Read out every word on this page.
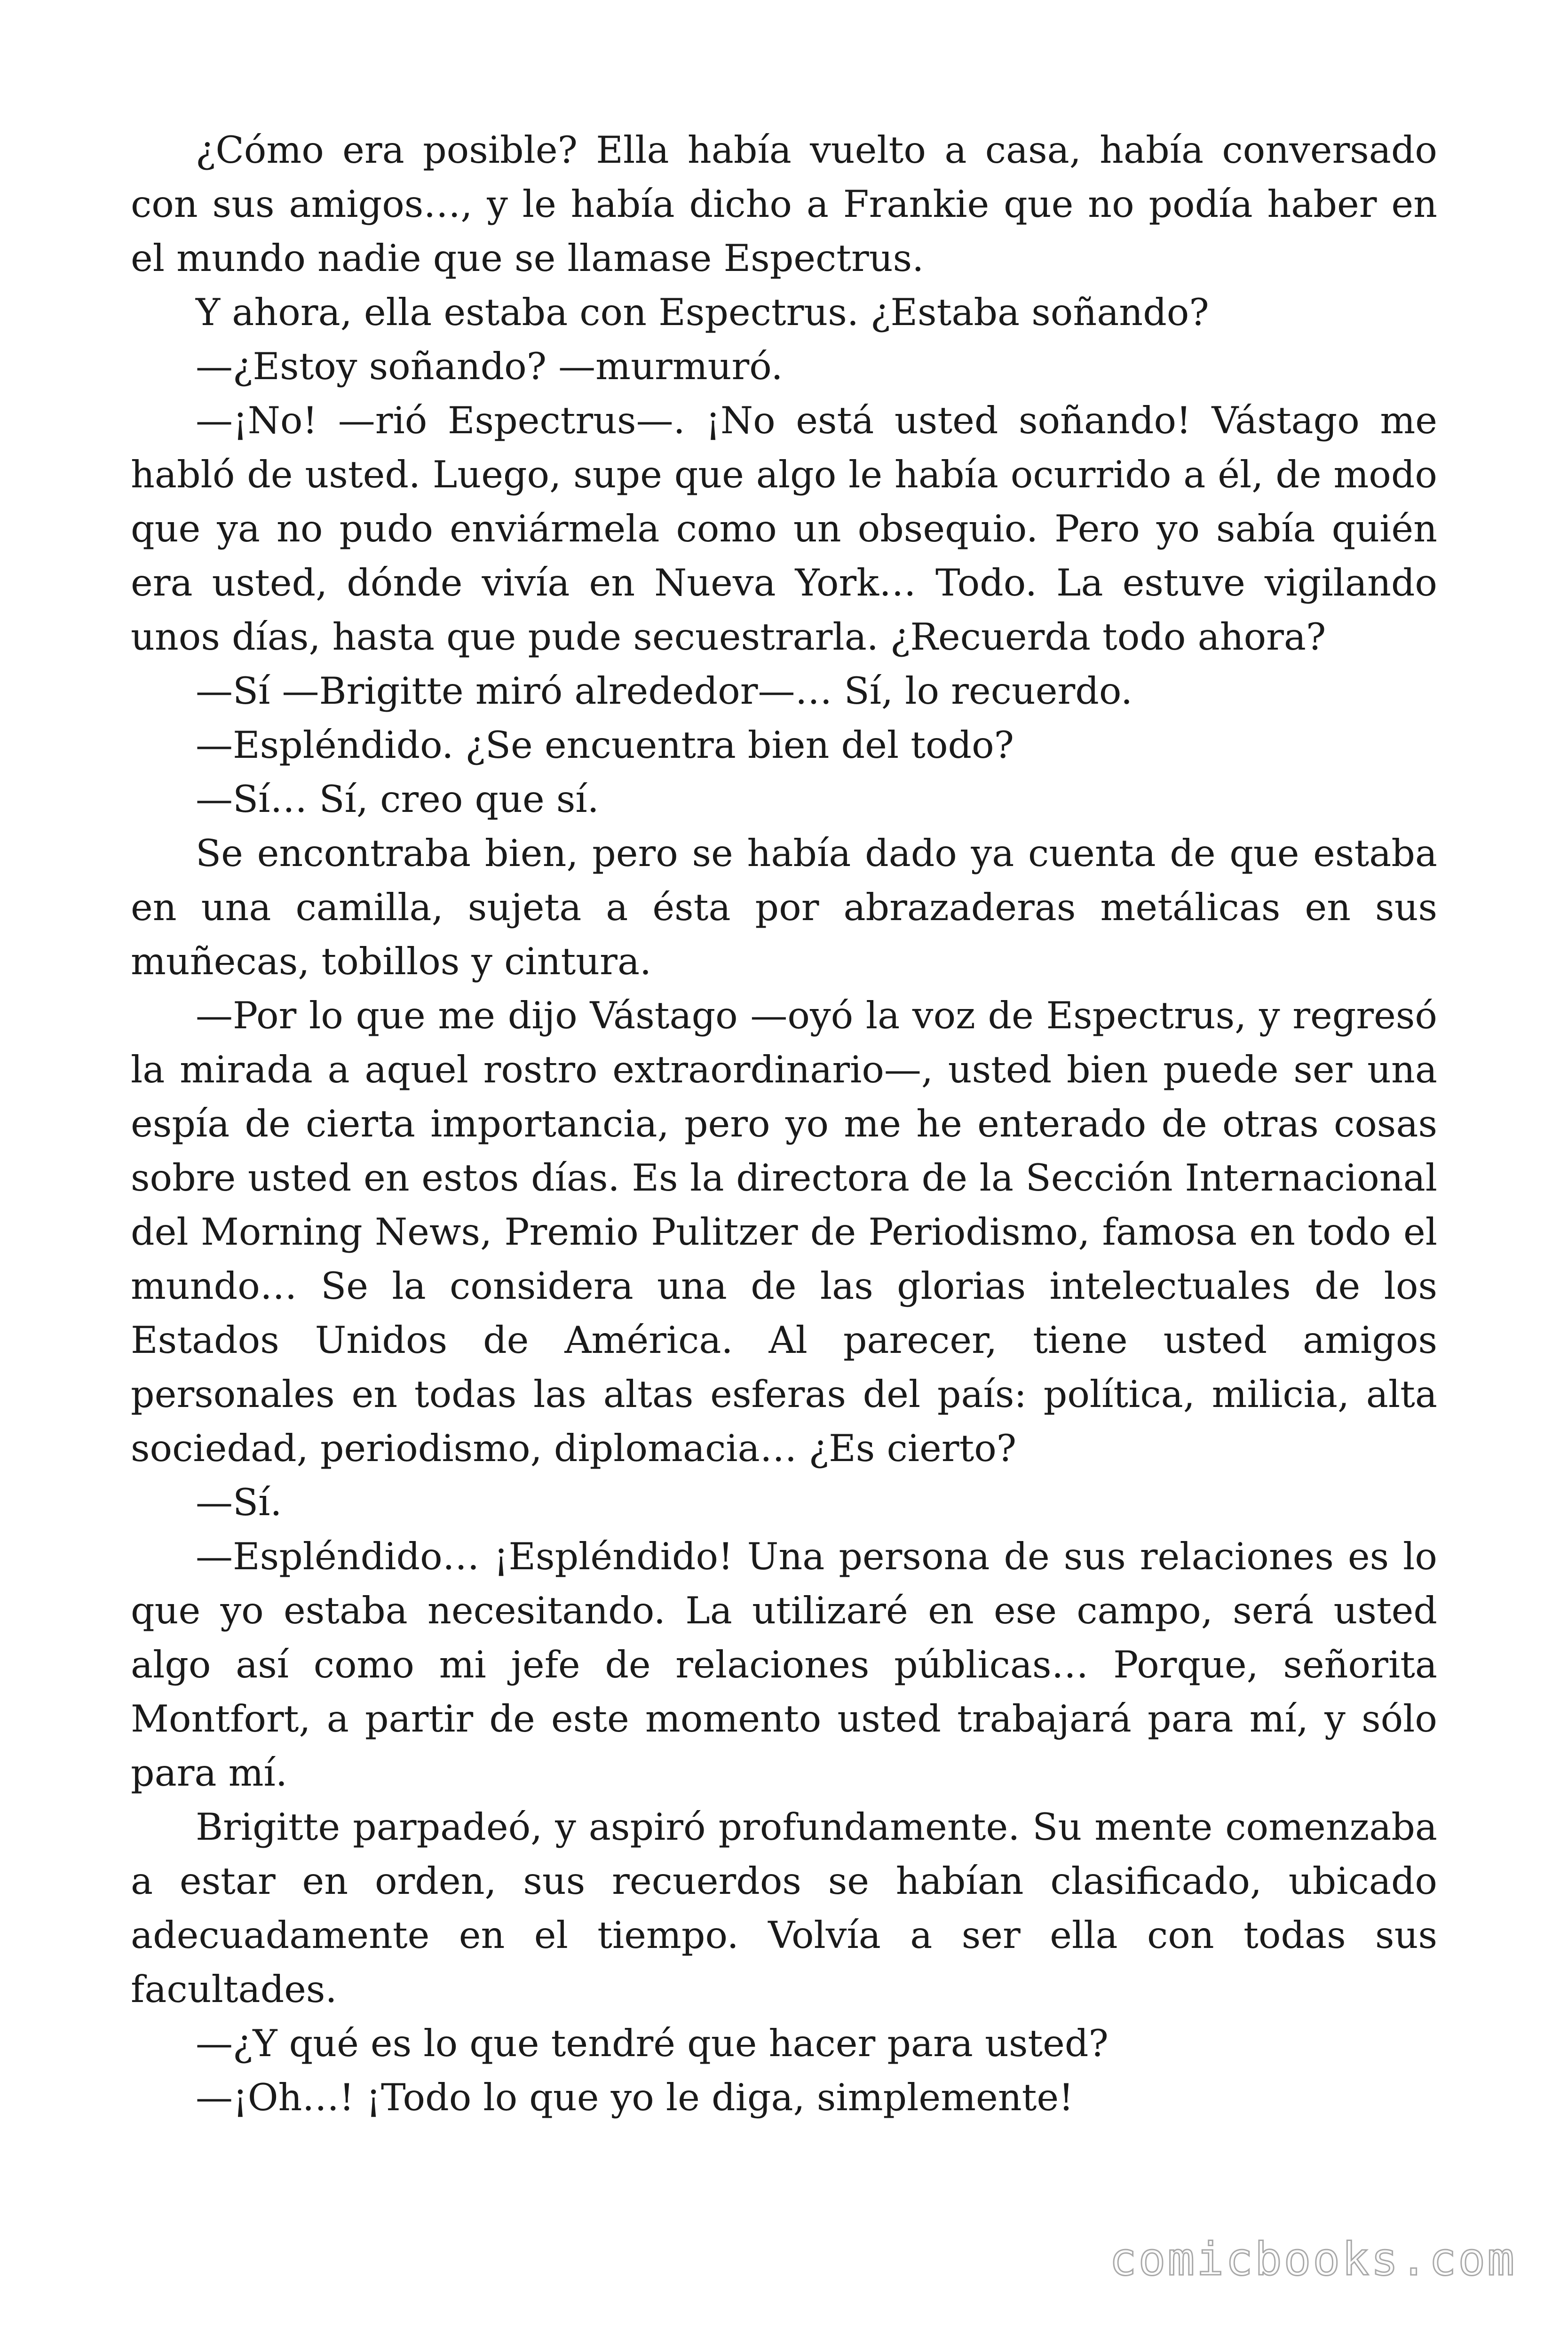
¿Cómo era posible? Ella había vuelto a casa, había conversado con sus amigos…, y le había dicho a Frankie que no podía haber en el mundo nadie que se llamase Espectrus.

Y ahora, ella estaba con Espectrus. ¿Estaba soñando?

—¿Estoy soñando? —murmuró.

—¡No! —rió Espectrus—. ¡No está usted soñando! Vástago me habló de usted. Luego, supe que algo le había ocurrido a él, de modo que ya no pudo enviármela como un obsequio. Pero yo sabía quién era usted, dónde vivía en Nueva York… Todo. La estuve vigilando unos días, hasta que pude secuestrarla. ¿Recuerda todo ahora?

—Sí —Brigitte miró alrededor—… Sí, lo recuerdo.

—Espléndido. ¿Se encuentra bien del todo?

—Sí… Sí, creo que sí.

Se encontraba bien, pero se había dado ya cuenta de que estaba en una camilla, sujeta a ésta por abrazaderas metálicas en sus muñecas, tobillos y cintura.

—Por lo que me dijo Vástago —oyó la voz de Espectrus, y regresó la mirada a aquel rostro extraordinario—, usted bien puede ser una espía de cierta importancia, pero yo me he enterado de otras cosas sobre usted en estos días. Es la directora de la Sección Internacional del Morning News, Premio Pulitzer de Periodismo, famosa en todo el mundo… Se la considera una de las glorias intelectuales de los Estados Unidos de América. Al parecer, tiene usted amigos personales en todas las altas esferas del país: política, milicia, alta sociedad, periodismo, diplomacia… ¿Es cierto?

—Sí.

—Espléndido… ¡Espléndido! Una persona de sus relaciones es lo que yo estaba necesitando. La utilizaré en ese campo, será usted algo así como mi jefe de relaciones públicas… Porque, señorita Montfort, a partir de este momento usted trabajará para mí, y sólo para mí.

Brigitte parpadeó, y aspiró profundamente. Su mente comenzaba a estar en orden, sus recuerdos se habían clasificado, ubicado adecuadamente en el tiempo. Volvía a ser ella con todas sus facultades.

—¿Y qué es lo que tendré que hacer para usted?

—¡Oh…! ¡Todo lo que yo le diga, simplemente!

comicbooks.com
